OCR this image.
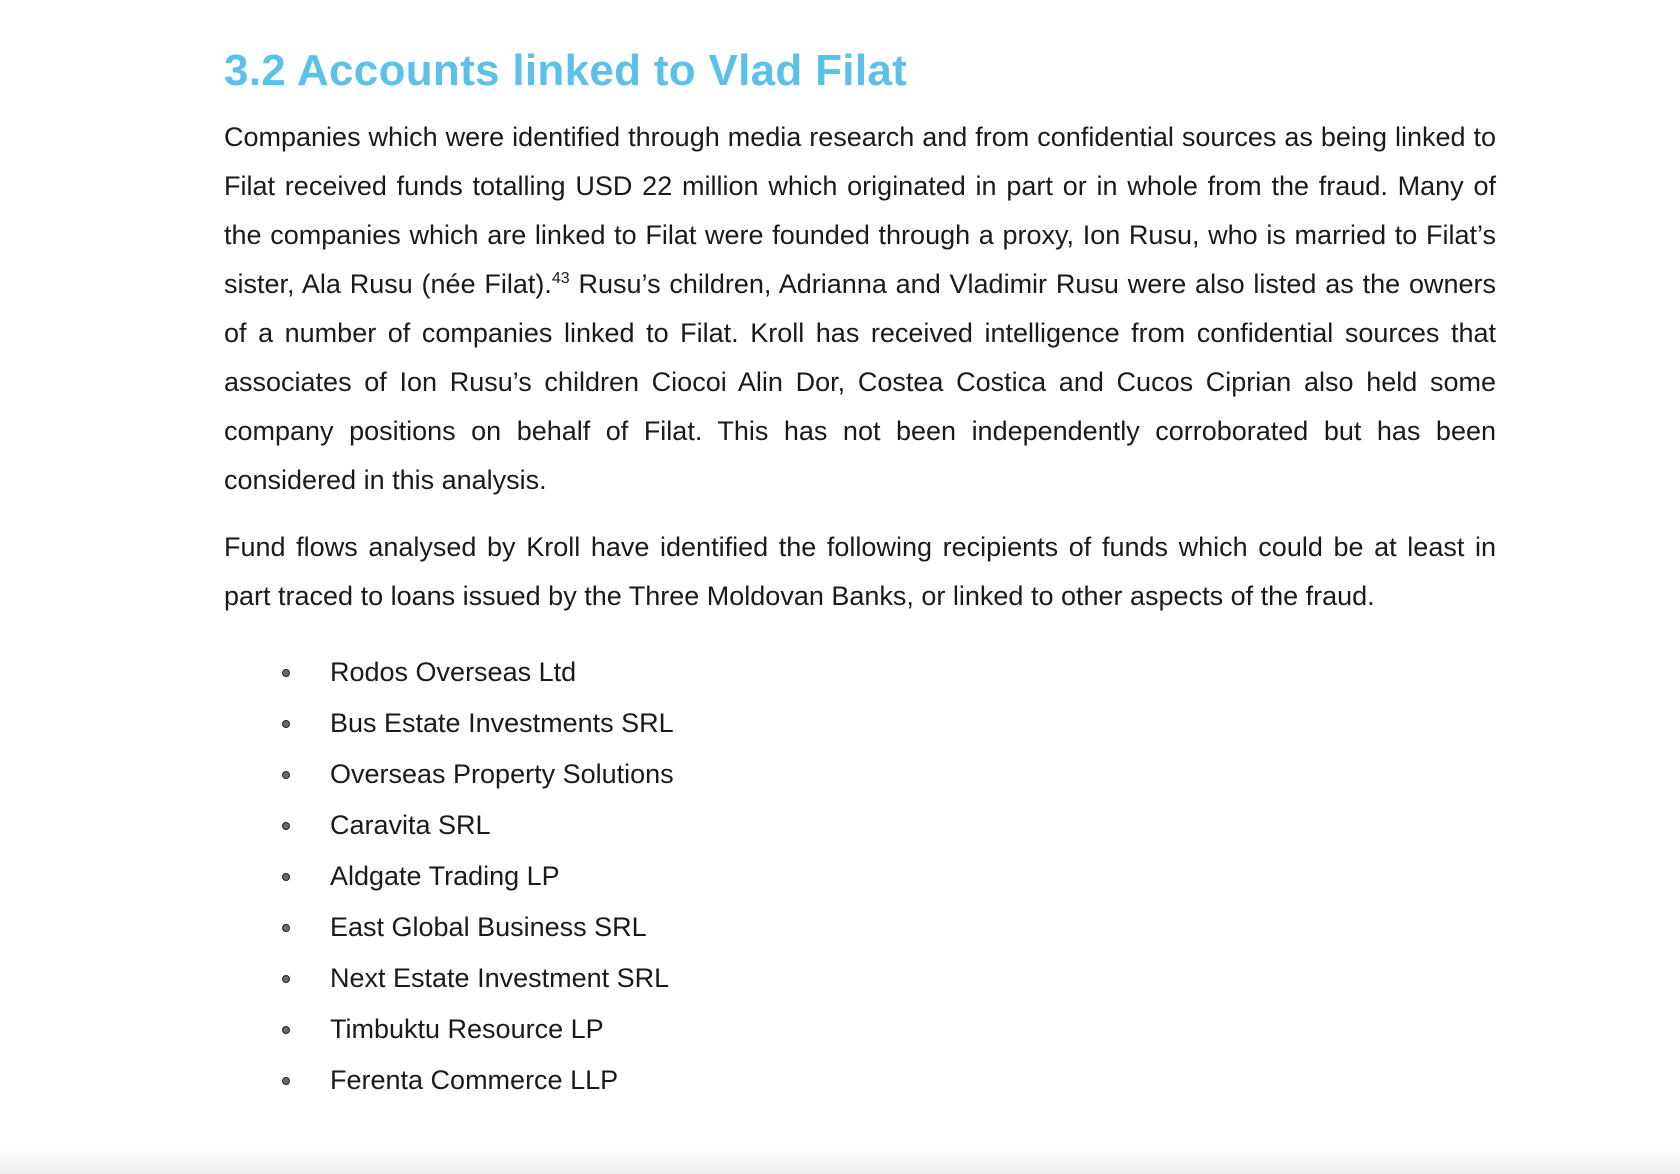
3.2 Accounts linked to Vlad Filat

Companies which were identified through media research and from confidential sources as being linked to Filat received funds totalling USD 22 million which originated in part or in whole from the fraud. Many of the companies which are linked to Filat were founded through a proxy, Ion Rusu, who is married to Filat’s sister, Ala Rusu (née Filat).$^{43}$ Rusu’s children, Adrianna and Vladimir Rusu were also listed as the owners of a number of companies linked to Filat. Kroll has received intelligence from confidential sources that associates of Ion Rusu’s children Ciocoi Alin Dor, Costea Costica and Cucos Ciprian also held some company positions on behalf of Filat. This has not been independently corroborated but has been considered in this analysis.

Fund flows analysed by Kroll have identified the following recipients of funds which could be at least in part traced to loans issued by the Three Moldovan Banks, or linked to other aspects of the fraud.

Rodos Overseas Ltd
Bus Estate Investments SRL
Overseas Property Solutions
Caravita SRL
Aldgate Trading LP
East Global Business SRL
Next Estate Investment SRL
Timbuktu Resource LP
Ferenta Commerce LLP
